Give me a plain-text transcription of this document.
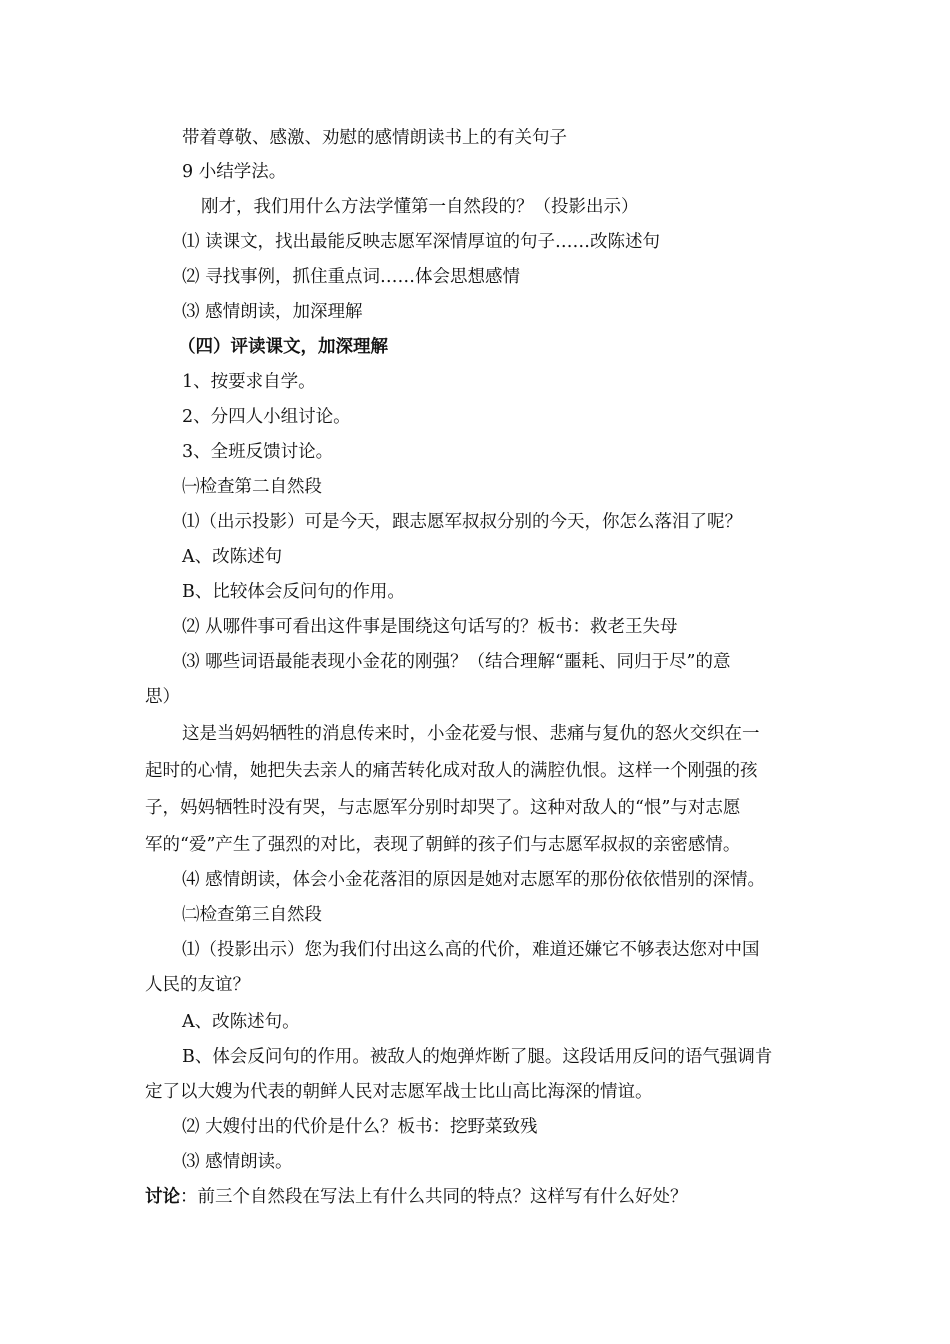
带着尊敬、感激、劝慰的感情朗读书上的有关句子
9 小结学法。
刚才，我们用什么方法学懂第一自然段的？（投影出示）
⑴ 读课文，找出最能反映志愿军深情厚谊的句子……改陈述句
⑵ 寻找事例，抓住重点词……体会思想感情
⑶ 感情朗读，加深理解
（四）评读课文，加深理解
1、按要求自学。
2、分四人小组讨论。
3、全班反馈讨论。
㈠检查第二自然段
⑴（出示投影）可是今天，跟志愿军叔叔分别的今天，你怎么落泪了呢？
A、改陈述句
B、比较体会反问句的作用。
⑵ 从哪件事可看出这件事是围绕这句话写的？板书：救老王失母
⑶ 哪些词语最能表现小金花的刚强？（结合理解“噩耗、同归于尽”的意
思）
这是当妈妈牺牲的消息传来时，小金花爱与恨、悲痛与复仇的怒火交织在一
起时的心情，她把失去亲人的痛苦转化成对敌人的满腔仇恨。这样一个刚强的孩
子，妈妈牺牲时没有哭，与志愿军分别时却哭了。这种对敌人的“恨”与对志愿
军的“爱”产生了强烈的对比，表现了朝鲜的孩子们与志愿军叔叔的亲密感情。
⑷ 感情朗读，体会小金花落泪的原因是她对志愿军的那份依依惜别的深情。
㈡检查第三自然段
⑴（投影出示）您为我们付出这么高的代价，难道还嫌它不够表达您对中国
人民的友谊？
A、改陈述句。
B、体会反问句的作用。被敌人的炮弹炸断了腿。这段话用反问的语气强调肯
定了以大嫂为代表的朝鲜人民对志愿军战士比山高比海深的情谊。
⑵ 大嫂付出的代价是什么？板书：挖野菜致残
⑶ 感情朗读。
讨论：前三个自然段在写法上有什么共同的特点？这样写有什么好处？
